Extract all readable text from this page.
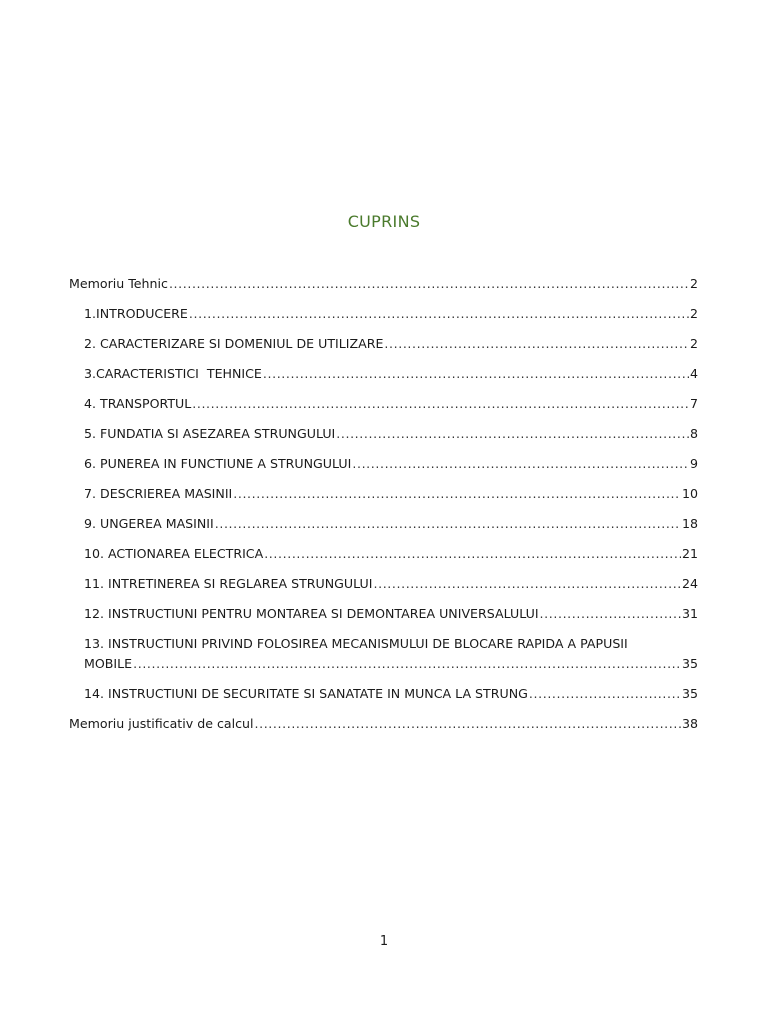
CUPRINS
Memoriu Tehnic .....	2
1.INTRODUCERE .....	2
2. CARACTERIZARE SI DOMENIUL DE UTILIZARE .....	2
3.CARACTERISTICI  TEHNICE .....	4
4. TRANSPORTUL .....	7
5. FUNDATIA SI ASEZAREA STRUNGULUI .....	8
6. PUNEREA IN FUNCTIUNE A STRUNGULUI .....	9
7. DESCRIEREA MASINII .....	10
9. UNGEREA MASINII .....	18
10. ACTIONAREA ELECTRICA .....	21
11. INTRETINEREA SI REGLAREA STRUNGULUI .....	24
12. INSTRUCTIUNI PENTRU MONTAREA SI DEMONTAREA UNIVERSALULUI .....	31
13. INSTRUCTIUNI PRIVIND FOLOSIREA MECANISMULUI DE BLOCARE RAPIDA A PAPUSII
MOBILE .....	35
14. INSTRUCTIUNI DE SECURITATE SI SANATATE IN MUNCA LA STRUNG .....	35
Memoriu justificativ de calcul .....	38
1
